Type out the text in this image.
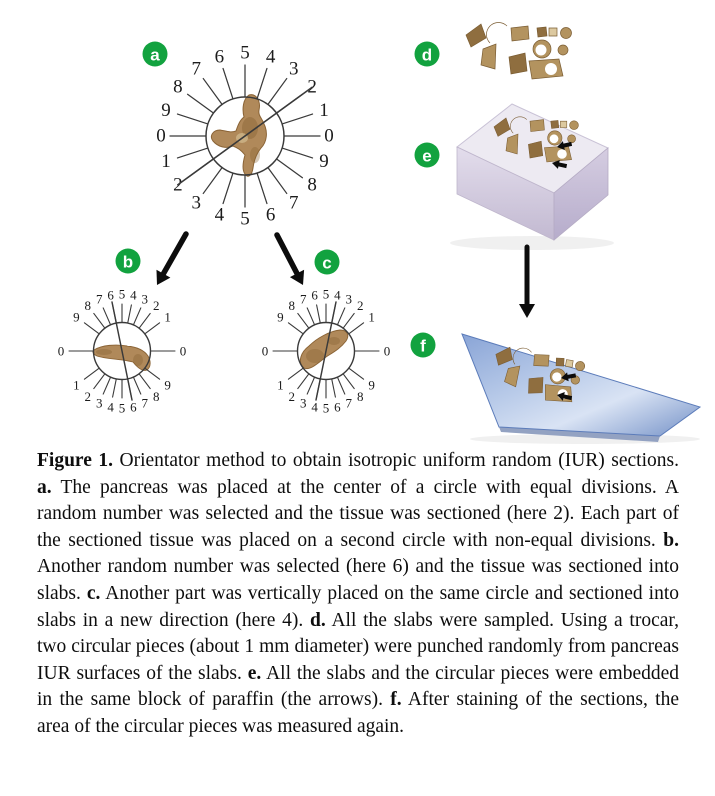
5 4
3
2
1
0
9
8
7
6
5
4
3
2
1
0
9
8
7
6
0
1
2
3
4
5
6
7
8
9
0
9
8
7
6
5
4
3
2
1
0
1
2
3
4
5
6
7
8
9
0
9
8
7
6
5
4
3
2
1
a
b	c
d
e
f

Figure 1. Orientator method to obtain isotropic uniform random (IUR) sections. a. The pancreas was placed at the center of a circle with equal divisions. A random number was selected and the tissue was sectioned (here 2). Each part of the sectioned tissue was placed on a second circle with non-equal divisions. b. Another random number was selected (here 6) and the tissue was sectioned into slabs. c. Another part was vertically placed on the same circle and sectioned into slabs in a new direction (here 4). d. All the slabs were sampled. Using a trocar, two circular pieces (about 1 mm diameter) were punched randomly from pancreas IUR surfaces of the slabs. e. All the slabs and the circular pieces were embedded in the same block of paraffin (the arrows). f. After staining of the sections, the area of the circular pieces was measured again.
